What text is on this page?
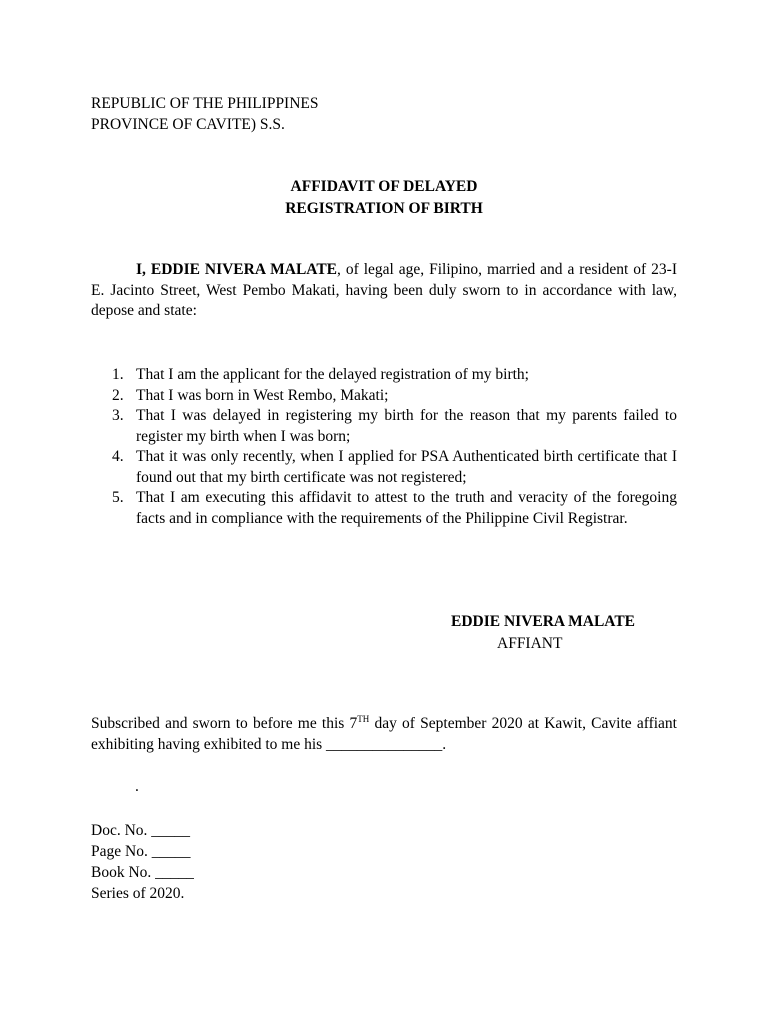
REPUBLIC OF THE PHILIPPINES
PROVINCE OF CAVITE) S.S.
AFFIDAVIT OF DELAYED
REGISTRATION OF BIRTH
I, EDDIE NIVERA MALATE, of legal age, Filipino, married and a resident of 23-I E. Jacinto Street, West Pembo Makati, having been duly sworn to in accordance with law, depose and state:
1. That I am the applicant for the delayed registration of my birth;
2. That I was born in West Rembo, Makati;
3. That I was delayed in registering my birth for the reason that my parents failed to register my birth when I was born;
4. That it was only recently, when I applied for PSA Authenticated birth certificate that I found out that my birth certificate was not registered;
5. That I am executing this affidavit to attest to the truth and veracity of the foregoing facts and in compliance with the requirements of the Philippine Civil Registrar.
EDDIE NIVERA MALATE
AFFIANT
Subscribed and sworn to before me this 7TH day of September 2020 at Kawit, Cavite affiant exhibiting having exhibited to me his _______________.
.
Doc. No. _____
Page No. _____
Book No. _____
Series of 2020.
